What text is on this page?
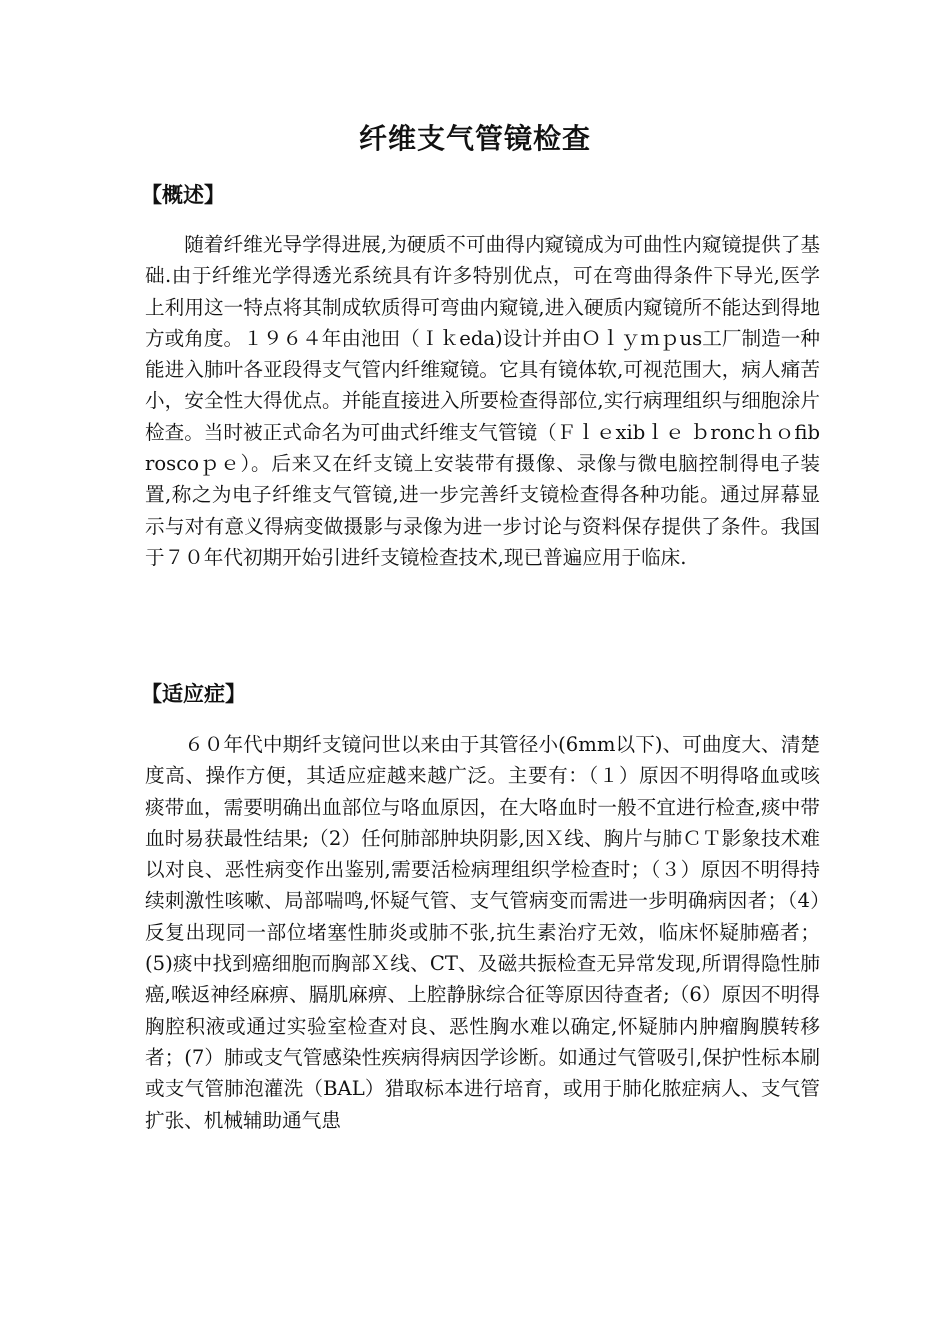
纤维支气管镜检查
【概述】
随着纤维光导学得进展,为硬质不可曲得内窥镜成为可曲性内窥镜提供了基础.由于纤维光学得透光系统具有许多特别优点，可在弯曲得条件下导光,医学上利用这一特点将其制成软质得可弯曲内窥镜,进入硬质内窥镜所不能达到得地方或角度。１９６４年由池田（Ｉｋeda)设计并由Ｏｌｙｍｐus工厂制造一种能进入肺叶各亚段得支气管内纤维窥镜。它具有镜体软,可视范围大，病人痛苦小，安全性大得优点。并能直接进入所要检查得部位,实行病理组织与细胞涂片检查。当时被正式命名为可曲式纤维支气管镜（Ｆｌｅxibｌｅ ｂroncｈｏfibroscoｐｅ）。后来又在纤支镜上安装带有摄像、录像与微电脑控制得电子装置,称之为电子纤维支气管镜,进一步完善纤支镜检查得各种功能。通过屏幕显示与对有意义得病变做摄影与录像为进一步讨论与资料保存提供了条件。我国于７０年代初期开始引进纤支镜检查技术,现已普遍应用于临床.
【适应症】
６０年代中期纤支镜问世以来由于其管径小(6mm以下)、可曲度大、清楚度高、操作方便，其适应症越来越广泛。主要有：（１）原因不明得咯血或咳痰带血，需要明确出血部位与咯血原因，在大咯血时一般不宜进行检查,痰中带血时易获最性结果;（2）任何肺部肿块阴影,因Ｘ线、胸片与肺ＣＴ影象技术难以对良、恶性病变作出鉴别,需要活检病理组织学检查时；（３）原因不明得持续刺激性咳嗽、局部喘鸣,怀疑气管、支气管病变而需进一步明确病因者；（4）反复出现同一部位堵塞性肺炎或肺不张,抗生素治疗无效，临床怀疑肺癌者；(5)痰中找到癌细胞而胸部Ｘ线、CT、及磁共振检查无异常发现,所谓得隐性肺癌,喉返神经麻痹、膈肌麻痹、上腔静脉综合征等原因待查者;（6）原因不明得胸腔积液或通过实验室检查对良、恶性胸水难以确定,怀疑肺内肿瘤胸膜转移者；(7）肺或支气管感染性疾病得病因学诊断。如通过气管吸引,保护性标本刷或支气管肺泡灌洗（BAL）猎取标本进行培育，或用于肺化脓症病人、支气管扩张、机械辅助通气患
